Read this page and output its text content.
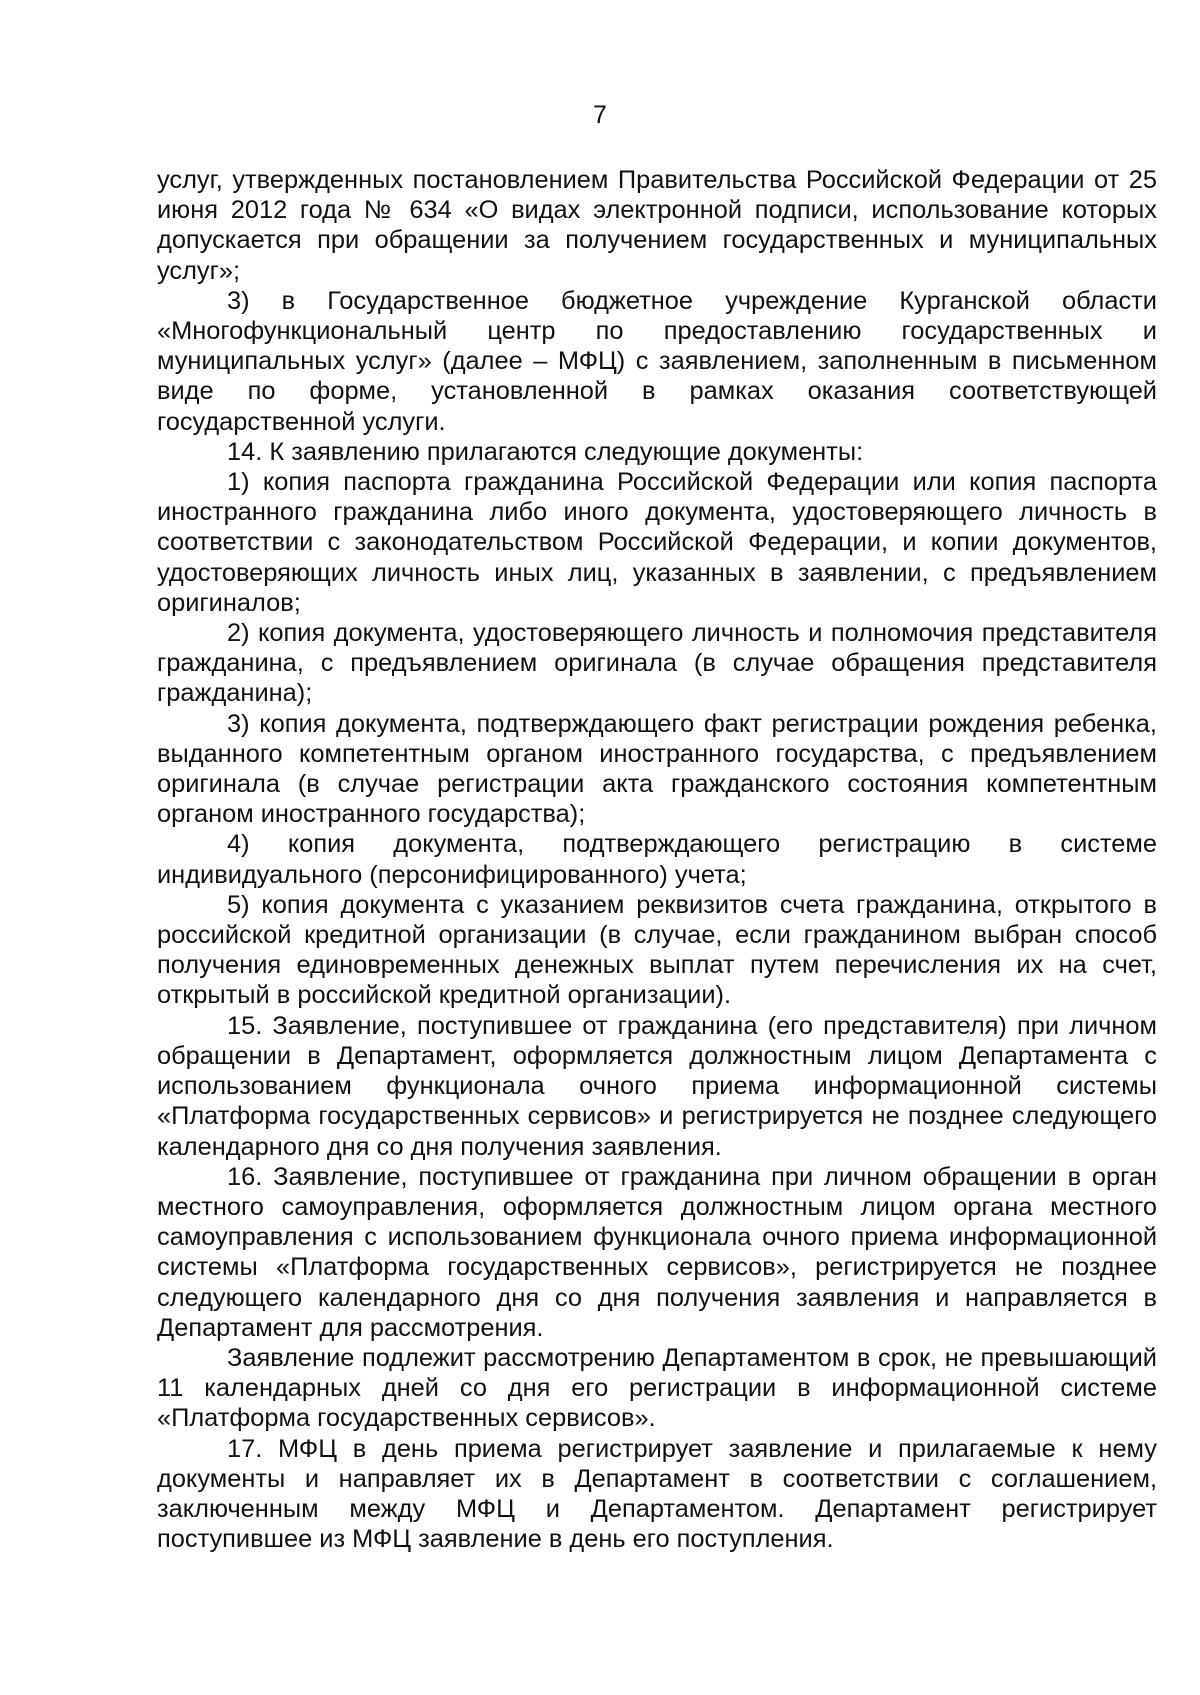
7

услуг, утвержденных постановлением Правительства Российской Федерации от 25 июня 2012 года № 634 «О видах электронной подписи, использование которых допускается при обращении за получением государственных и муниципальных услуг»;

3) в Государственное бюджетное учреждение Курганской области «Многофункциональный центр по предоставлению государственных и муниципальных услуг» (далее – МФЦ) с заявлением, заполненным в письменном виде по форме, установленной в рамках оказания соответствующей государственной услуги.

14. К заявлению прилагаются следующие документы:

1) копия паспорта гражданина Российской Федерации или копия паспорта иностранного гражданина либо иного документа, удостоверяющего личность в соответствии с законодательством Российской Федерации, и копии документов, удостоверяющих личность иных лиц, указанных в заявлении, с предъявлением оригиналов;

2) копия документа, удостоверяющего личность и полномочия представителя гражданина, с предъявлением оригинала (в случае обращения представителя гражданина);

3) копия документа, подтверждающего факт регистрации рождения ребенка, выданного компетентным органом иностранного государства, с предъявлением оригинала (в случае регистрации акта гражданского состояния компетентным органом иностранного государства);

4) копия документа, подтверждающего регистрацию в системе индивидуального (персонифицированного) учета;

5) копия документа с указанием реквизитов счета гражданина, открытого в российской кредитной организации (в случае, если гражданином выбран способ получения единовременных денежных выплат путем перечисления их на счет, открытый в российской кредитной организации).

15. Заявление, поступившее от гражданина (его представителя) при личном обращении в Департамент, оформляется должностным лицом Департамента с использованием функционала очного приема информационной системы «Платформа государственных сервисов» и регистрируется не позднее следующего календарного дня со дня получения заявления.

16. Заявление, поступившее от гражданина при личном обращении в орган местного самоуправления, оформляется должностным лицом органа местного самоуправления с использованием функционала очного приема информационной системы «Платформа государственных сервисов», регистрируется не позднее следующего календарного дня со дня получения заявления и направляется в Департамент для рассмотрения.

Заявление подлежит рассмотрению Департаментом в срок, не превышающий 11 календарных дней со дня его регистрации в информационной системе «Платформа государственных сервисов».

17. МФЦ в день приема регистрирует заявление и прилагаемые к нему документы и направляет их в Департамент в соответствии с соглашением, заключенным между МФЦ и Департаментом. Департамент регистрирует поступившее из МФЦ заявление в день его поступления.
